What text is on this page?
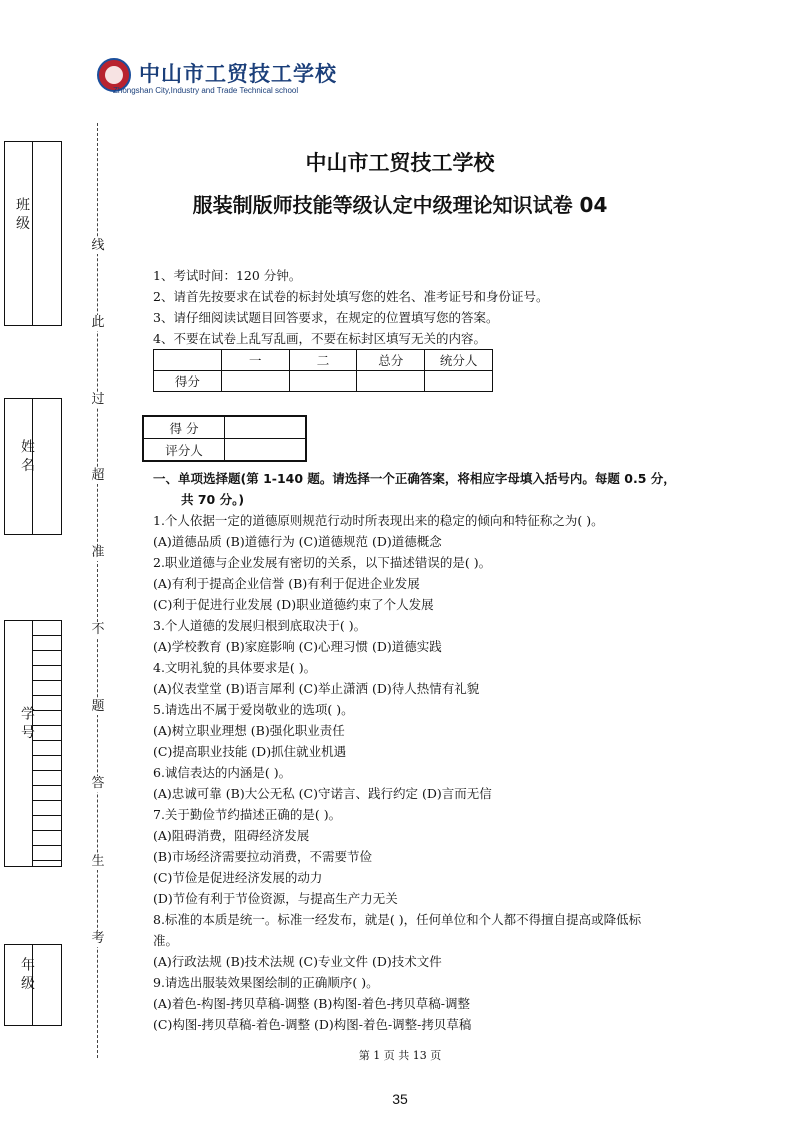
中山市工贸技工学校
Zhongshan City,Industry and Trade Technical school
班 级
姓 名
学 号
年 级
线
此
过
超
准
不
题
答
生
考
中山市工贸技工学校
服装制版师技能等级认定中级理论知识试卷 04
1、考试时间：120 分钟。
2、请首先按要求在试卷的标封处填写您的姓名、准考证号和身份证号。
3、请仔细阅读试题目回答要求，在规定的位置填写您的答案。
4、不要在试卷上乱写乱画，不要在标封区填写无关的内容。
	一	二	总分	统分人
得分				
得 分	
评分人	
一、单项选择题(第 1-140 题。请选择一个正确答案，将相应字母填入括号内。每题 0.5 分，
共 70 分。)
1.个人依据一定的道德原则规范行动时所表现出来的稳定的倾向和特征称之为( )。
(A)道德品质 (B)道德行为 (C)道德规范 (D)道德概念
2.职业道德与企业发展有密切的关系，以下描述错误的是( )。
(A)有利于提高企业信誉 (B)有利于促进企业发展
(C)利于促进行业发展 (D)职业道德约束了个人发展
3.个人道德的发展归根到底取决于( )。
(A)学校教育 (B)家庭影响 (C)心理习惯 (D)道德实践
4.文明礼貌的具体要求是( )。
(A)仪表堂堂 (B)语言犀利 (C)举止潇洒 (D)待人热情有礼貌
5.请选出不属于爱岗敬业的选项( )。
(A)树立职业理想 (B)强化职业责任
(C)提高职业技能 (D)抓住就业机遇
6.诚信表达的内涵是( )。
(A)忠诚可靠 (B)大公无私 (C)守诺言、践行约定 (D)言而无信
7.关于勤俭节约描述正确的是( )。
(A)阻碍消费，阻碍经济发展
(B)市场经济需要拉动消费，不需要节俭
(C)节俭是促进经济发展的动力
(D)节俭有利于节俭资源，与提高生产力无关
8.标准的本质是统一。标准一经发布，就是( )，任何单位和个人都不得擅自提高或降低标
准。
(A)行政法规 (B)技术法规 (C)专业文件 (D)技术文件
9.请选出服装效果图绘制的正确顺序( )。
(A)着色-构图-拷贝草稿-调整 (B)构图-着色-拷贝草稿-调整
(C)构图-拷贝草稿-着色-调整 (D)构图-着色-调整-拷贝草稿
第 1 页 共 13 页
35
